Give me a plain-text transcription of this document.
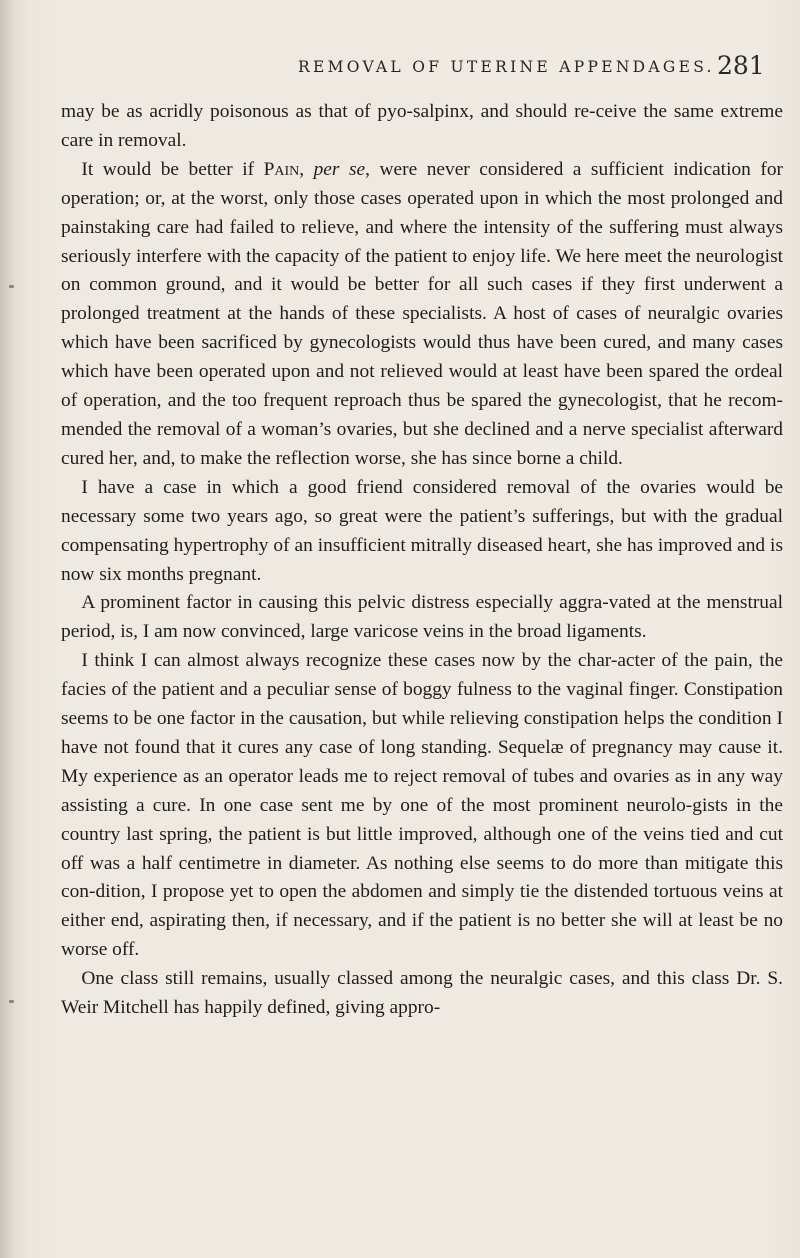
REMOVAL OF UTERINE APPENDAGES. 281

may be as acridly poisonous as that of pyo-salpinx, and should re-ceive the same extreme care in removal.

It would be better if Pain, per se, were never considered a sufficient indication for operation; or, at the worst, only those cases operated upon in which the most prolonged and painstaking care had failed to relieve, and where the intensity of the suffering must always seriously interfere with the capacity of the patient to enjoy life. We here meet the neurologist on common ground, and it would be better for all such cases if they first underwent a prolonged treatment at the hands of these specialists. A host of cases of neuralgic ovaries which have been sacrificed by gynecologists would thus have been cured, and many cases which have been operated upon and not relieved would at least have been spared the ordeal of operation, and the too frequent reproach thus be spared the gynecologist, that he recom-mended the removal of a woman’s ovaries, but she declined and a nerve specialist afterward cured her, and, to make the reflection worse, she has since borne a child.

I have a case in which a good friend considered removal of the ovaries would be necessary some two years ago, so great were the patient’s sufferings, but with the gradual compensating hypertrophy of an insufficient mitrally diseased heart, she has improved and is now six months pregnant.

A prominent factor in causing this pelvic distress especially aggra-vated at the menstrual period, is, I am now convinced, large varicose veins in the broad ligaments.

I think I can almost always recognize these cases now by the char-acter of the pain, the facies of the patient and a peculiar sense of boggy fulness to the vaginal finger. Constipation seems to be one factor in the causation, but while relieving constipation helps the condition I have not found that it cures any case of long standing. Sequelæ of pregnancy may cause it. My experience as an operator leads me to reject removal of tubes and ovaries as in any way assisting a cure. In one case sent me by one of the most prominent neurolo-gists in the country last spring, the patient is but little improved, although one of the veins tied and cut off was a half centimetre in diameter. As nothing else seems to do more than mitigate this con-dition, I propose yet to open the abdomen and simply tie the distended tortuous veins at either end, aspirating then, if necessary, and if the patient is no better she will at least be no worse off.

One class still remains, usually classed among the neuralgic cases, and this class Dr. S. Weir Mitchell has happily defined, giving appro-
